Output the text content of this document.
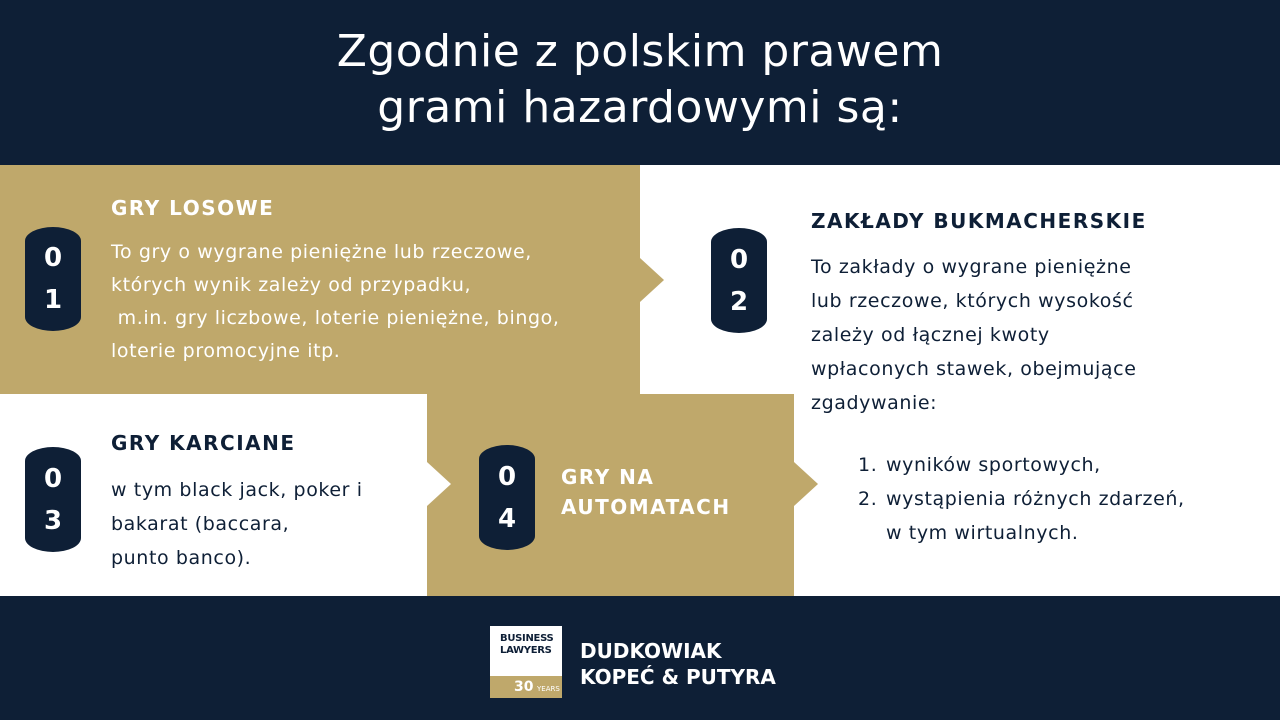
Zgodnie z polskim prawem
grami hazardowymi są:
0
1
GRY LOSOWE
To gry o wygrane pieniężne lub rzeczowe,
których wynik zależy od przypadku,
m.in. gry liczbowe, loterie pieniężne, bingo,
loterie promocyjne itp.
0
2
ZAKŁADY BUKMACHERSKIE
To zakłady o wygrane pieniężne
lub rzeczowe, których wysokość
zależy od łącznej kwoty
wpłaconych stawek, obejmujące
zgadywanie:
1. wyników sportowych,
2. wystąpienia różnych zdarzeń,
w tym wirtualnych.
0
3
GRY KARCIANE
w tym black jack, poker i
bakarat (baccara,
punto banco).
0
4
GRY NA
AUTOMATACH
BUSINESS
LAWYERS
30 YEARS
DUDKOWIAK
KOPEĆ & PUTYRA
